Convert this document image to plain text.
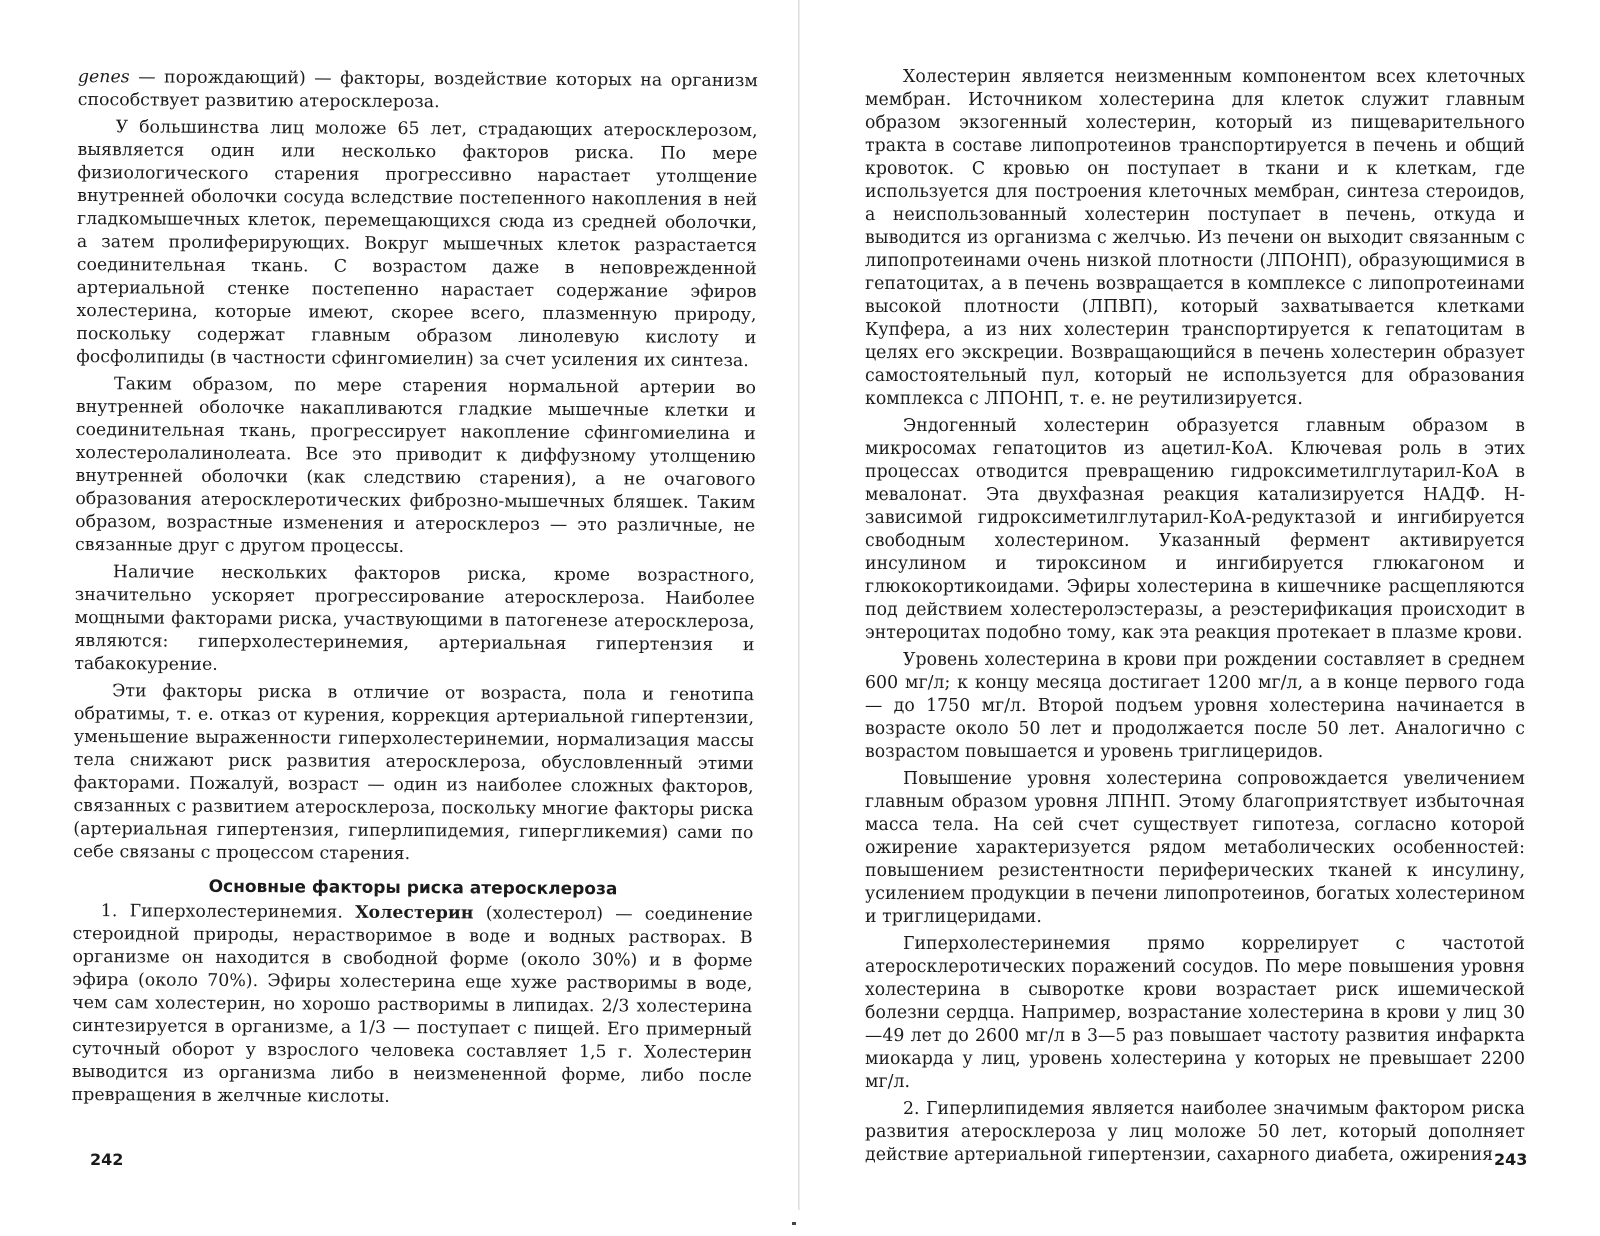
genes — порождающий) — факторы, воздействие которых на организм способствует развитию атеросклероза.

У большинства лиц моложе 65 лет, страдающих атеросклерозом, выявляется один или несколько факторов риска. По мере физиологического старения прогрессивно нарастает утолщение внутренней оболочки сосуда вследствие постепенного накопления в ней гладкомышечных клеток, перемещающихся сюда из средней оболочки, а затем пролиферирующих. Вокруг мышечных клеток разрастается соединительная ткань. С возрастом даже в неповрежденной артериальной стенке постепенно нарастает содержание эфиров холестерина, которые имеют, скорее всего, плазменную природу, поскольку содержат главным образом линолевую кислоту и фосфолипиды (в частности сфингомиелин) за счет усиления их синтеза.

Таким образом, по мере старения нормальной артерии во внутренней оболочке накапливаются гладкие мышечные клетки и соединительная ткань, прогрессирует накопление сфингомиелина и холестеролалинолеата. Все это приводит к диффузному утолщению внутренней оболочки (как следствию старения), а не очагового образования атеросклеротических фиброзно-мышечных бляшек. Таким образом, возрастные изменения и атеросклероз — это различные, не связанные друг с другом процессы.

Наличие нескольких факторов риска, кроме возрастного, значительно ускоряет прогрессирование атеросклероза. Наиболее мощными факторами риска, участвующими в патогенезе атеросклероза, являются: гиперхолестеринемия, артериальная гипертензия и табакокурение.

Эти факторы риска в отличие от возраста, пола и генотипа обратимы, т. е. отказ от курения, коррекция артериальной гипертензии, уменьшение выраженности гиперхолестеринемии, нормализация массы тела снижают риск развития атеросклероза, обусловленный этими факторами. Пожалуй, возраст — один из наиболее сложных факторов, связанных с развитием атеросклероза, поскольку многие факторы риска (артериальная гипертензия, гиперлипидемия, гипергликемия) сами по себе связаны с процессом старения.

Основные факторы риска атеросклероза

1. Гиперхолестеринемия. Холестерин (холестерол) — соединение стероидной природы, нерастворимое в воде и водных растворах. В организме он находится в свободной форме (около 30%) и в форме эфира (около 70%). Эфиры холестерина еще хуже растворимы в воде, чем сам холестерин, но хорошо растворимы в липидах. 2/3 холестерина синтезируется в организме, а 1/3 — поступает с пищей. Его примерный суточный оборот у взрослого человека составляет 1,5 г. Холестерин выводится из организма либо в неизмененной форме, либо после превращения в желчные кислоты.

242

Холестерин является неизменным компонентом всех клеточных мембран. Источником холестерина для клеток служит главным образом экзогенный холестерин, который из пищеварительного тракта в составе липопротеинов транспортируется в печень и общий кровоток. С кровью он поступает в ткани и к клеткам, где используется для построения клеточных мембран, синтеза стероидов, а неиспользованный холестерин поступает в печень, откуда и выводится из организма с желчью. Из печени он выходит связанным с липопротеинами очень низкой плотности (ЛПОНП), образующимися в гепатоцитах, а в печень возвращается в комплексе с липопротеинами высокой плотности (ЛПВП), который захватывается клетками Купфера, а из них холестерин транспортируется к гепатоцитам в целях его экскреции. Возвращающийся в печень холестерин образует самостоятельный пул, который не используется для образования комплекса с ЛПОНП, т. е. не реутилизируется.

Эндогенный холестерин образуется главным образом в микросомах гепатоцитов из ацетил-КоА. Ключевая роль в этих процессах отводится превращению гидроксиметилглутарил-КоА в мевалонат. Эта двухфазная реакция катализируется НАДФ. Н-зависимой гидроксиметилглутарил-КоА-редуктазой и ингибируется свободным холестерином. Указанный фермент активируется инсулином и тироксином и ингибируется глюкагоном и глюкокортикоидами. Эфиры холестерина в кишечнике расщепляются под действием холестеролэстеразы, а реэстерификация происходит в энтероцитах подобно тому, как эта реакция протекает в плазме крови.

Уровень холестерина в крови при рождении составляет в среднем 600 мг/л; к концу месяца достигает 1200 мг/л, а в конце первого года — до 1750 мг/л. Второй подъем уровня холестерина начинается в возрасте около 50 лет и продолжается после 50 лет. Аналогично с возрастом повышается и уровень триглицеридов.

Повышение уровня холестерина сопровождается увеличением главным образом уровня ЛПНП. Этому благоприятствует избыточная масса тела. На сей счет существует гипотеза, согласно которой ожирение характеризуется рядом метаболических особенностей: повышением резистентности периферических тканей к инсулину, усилением продукции в печени липопротеинов, богатых холестерином и триглицеридами.

Гиперхолестеринемия прямо коррелирует с частотой атеросклеротических поражений сосудов. По мере повышения уровня холестерина в сыворотке крови возрастает риск ишемической болезни сердца. Например, возрастание холестерина в крови у лиц 30—49 лет до 2600 мг/л в 3—5 раз повышает частоту развития инфаркта миокарда у лиц, уровень холестерина у которых не превышает 2200 мг/л.

2. Гиперлипидемия является наиболее значимым фактором риска развития атеросклероза у лиц моложе 50 лет, который дополняет действие артериальной гипертензии, сахарного диабета, ожирения 243
